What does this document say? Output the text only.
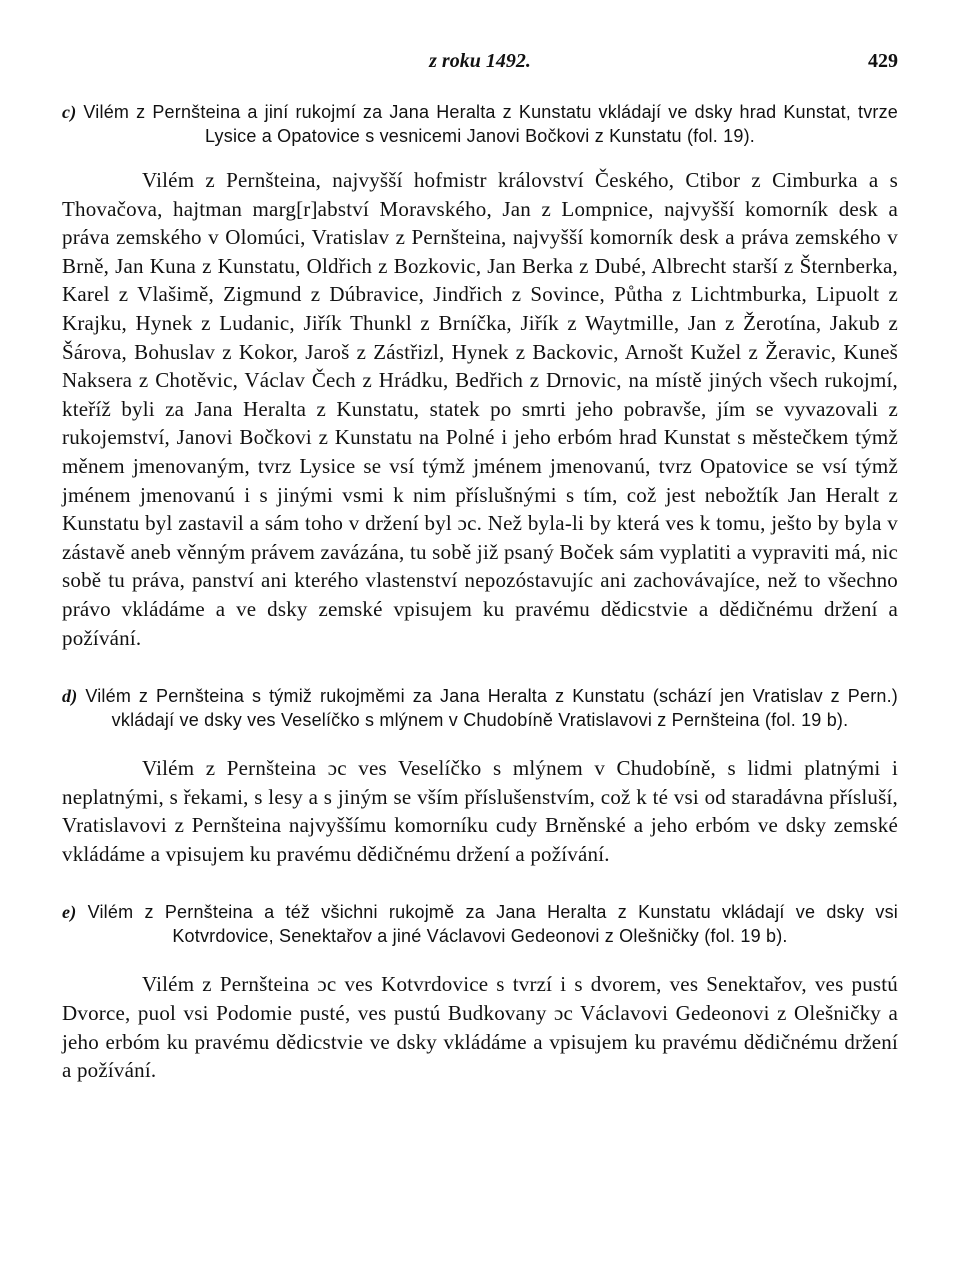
z roku 1492.	429

c) Vilém z Pernšteina a jiní rukojmí za Jana Heralta z Kunstatu vkládají ve dsky hrad Kunstat, tvrze Lysice a Opatovice s vesnicemi Janovi Bočkovi z Kunstatu (fol. 19).

Vilém z Pernšteina, najvyšší hofmistr království Českého, Ctibor z Cimburka a s Thovačova, hajtman marg[r]abství Moravského, Jan z Lompnice, najvyšší komorník desk a práva zemského v Olomúci, Vratislav z Pernšteina, najvyšší komorník desk a práva zemského v Brně, Jan Kuna z Kunstatu, Oldřich z Bozkovic, Jan Berka z Dubé, Albrecht starší z Šternberka, Karel z Vlašimě, Zigmund z Dúbravice, Jindřich z Sovince, Půtha z Lichtmburka, Lipuolt z Krajku, Hynek z Ludanic, Jiřík Thunkl z Brníčka, Jiřík z Waytmille, Jan z Žerotína, Jakub z Šárova, Bohuslav z Kokor, Jaroš z Zástřizl, Hynek z Backovic, Arnošt Kužel z Žeravic, Kuneš Naksera z Chotěvic, Václav Čech z Hrádku, Bedřich z Drnovic, na místě jiných všech rukojmí, kteříž byli za Jana Heralta z Kunstatu, statek po smrti jeho pobravše, jím se vyvazovali z rukojemství, Janovi Bočkovi z Kunstatu na Polné i jeho erbóm hrad Kunstat s městečkem týmž měnem jmenovaným, tvrz Lysice se vsí týmž jménem jmenovanú, tvrz Opatovice se vsí týmž jménem jmenovanú i s jinými vsmi k nim příslušnými s tím, což jest nebožtík Jan Heralt z Kunstatu byl zastavil a sám toho v držení byl ɔc. Než byla-li by která ves k tomu, ješto by byla v zástavě aneb věnným právem zavázána, tu sobě již psaný Boček sám vyplatiti a vypraviti má, nic sobě tu práva, panství ani kterého vlastenství nepozóstavujíc ani zachovávajíce, než to všechno právo vkládáme a ve dsky zemské vpisujem ku pravému dědicstvie a dědičnému držení a požívání.

d) Vilém z Pernšteina s týmiž rukojměmi za Jana Heralta z Kunstatu (schází jen Vratislav z Pern.) vkládají ve dsky ves Veselíčko s mlýnem v Chudobíně Vratislavovi z Pernšteina (fol. 19 b).

Vilém z Pernšteina ɔc ves Veselíčko s mlýnem v Chudobíně, s lidmi platnými i neplatnými, s řekami, s lesy a s jiným se vším příslušenstvím, což k té vsi od staradávna přísluší, Vratislavovi z Pernšteina najvyššímu komorníku cudy Brněnské a jeho erbóm ve dsky zemské vkládáme a vpisujem ku pravému dědičnému držení a požívání.

e) Vilém z Pernšteina a též všichni rukojmě za Jana Heralta z Kunstatu vkládají ve dsky vsi Kotvrdovice, Senektařov a jiné Václavovi Gedeonovi z Olešničky (fol. 19 b).

Vilém z Pernšteina ɔc ves Kotvrdovice s tvrzí i s dvorem, ves Senektařov, ves pustú Dvorce, puol vsi Podomie pusté, ves pustú Budkovany ɔc Václavovi Gedeonovi z Olešničky a jeho erbóm ku pravému dědicstvie ve dsky vkládáme a vpisujem ku pravému dědičnému držení a požívání.
